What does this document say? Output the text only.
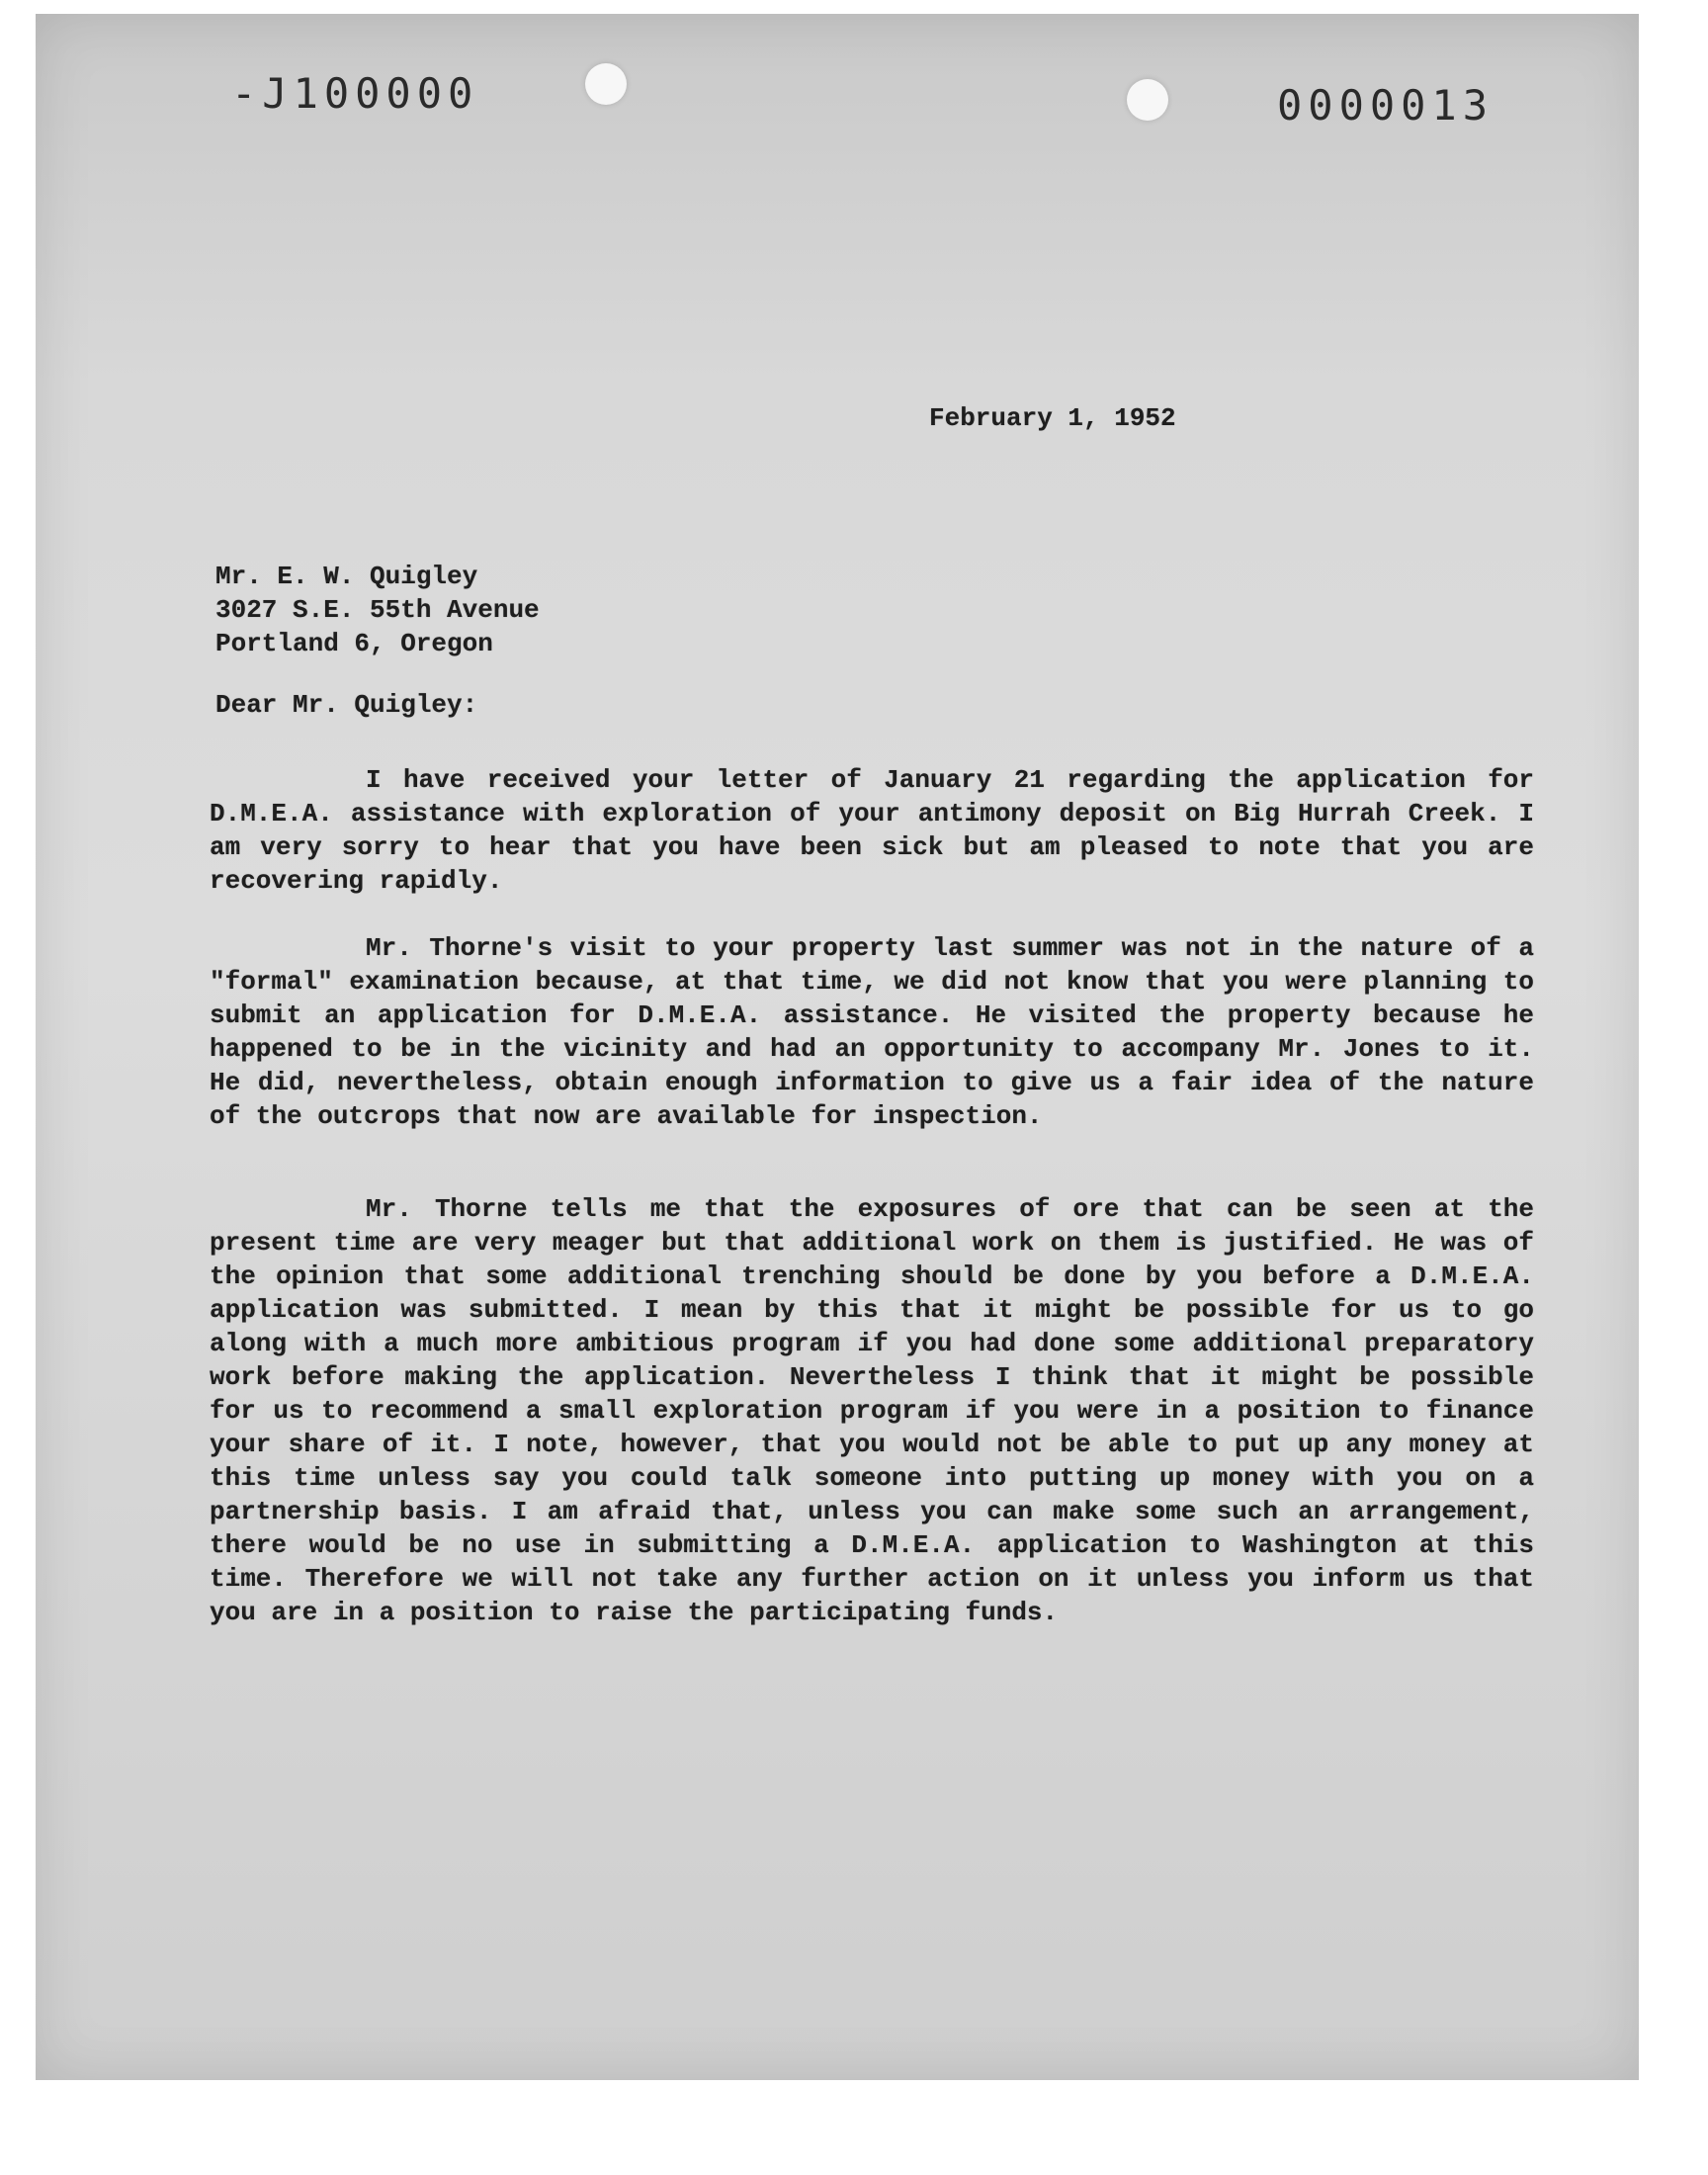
-J100000	0000013
February 1, 1952
Mr. E. W. Quigley
3027 S.E. 55th Avenue
Portland 6, Oregon
Dear Mr. Quigley:
I have received your letter of January 21 regarding the application for D.M.E.A. assistance with exploration of your antimony deposit on Big Hurrah Creek. I am very sorry to hear that you have been sick but am pleased to note that you are recovering rapidly.
Mr. Thorne's visit to your property last summer was not in the nature of a "formal" examination because, at that time, we did not know that you were planning to submit an application for D.M.E.A. assistance. He visited the property because he happened to be in the vicinity and had an opportunity to accompany Mr. Jones to it. He did, nevertheless, obtain enough information to give us a fair idea of the nature of the outcrops that now are available for inspection.
Mr. Thorne tells me that the exposures of ore that can be seen at the present time are very meager but that additional work on them is justified. He was of the opinion that some additional trenching should be done by you before a D.M.E.A. application was submitted. I mean by this that it might be possible for us to go along with a much more ambitious program if you had done some additional preparatory work before making the application. Nevertheless I think that it might be possible for us to recommend a small exploration program if you were in a position to finance your share of it. I note, however, that you would not be able to put up any money at this time unless say you could talk someone into putting up money with you on a partnership basis. I am afraid that, unless you can make some such an arrangement, there would be no use in submitting a D.M.E.A. application to Washington at this time. Therefore we will not take any further action on it unless you inform us that you are in a position to raise the participating funds.
